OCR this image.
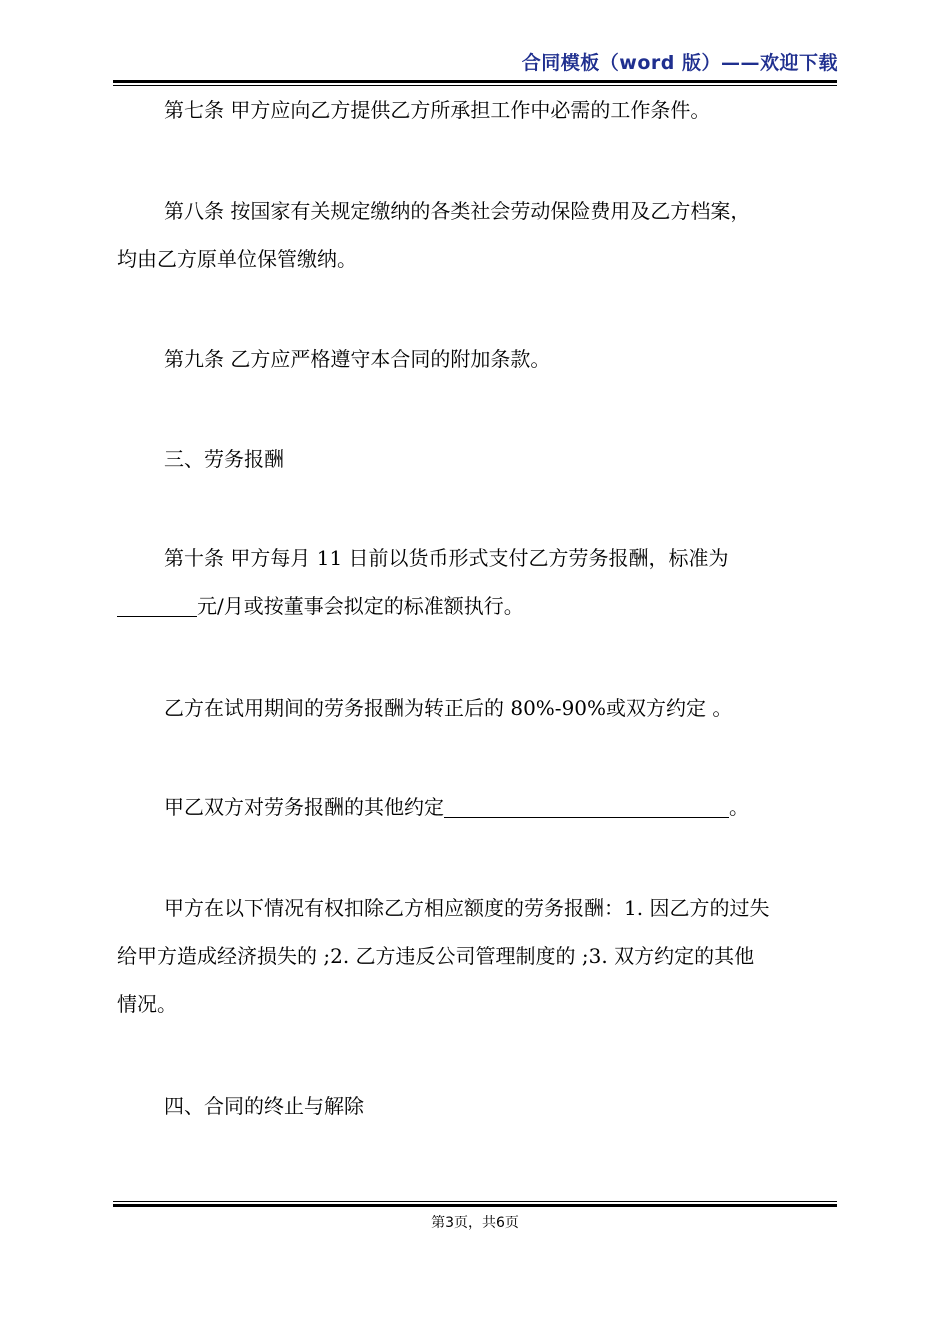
合同模板（word 版）——欢迎下载

第七条 甲方应向乙方提供乙方所承担工作中必需的工作条件。

第八条 按国家有关规定缴纳的各类社会劳动保险费用及乙方档案，
均由乙方原单位保管缴纳。

第九条 乙方应严格遵守本合同的附加条款。

三、劳务报酬

第十条 甲方每月 11 日前以货币形式支付乙方劳务报酬，标准为
元/月或按董事会拟定的标准额执行。

乙方在试用期间的劳务报酬为转正后的 80%-90%或双方约定 。

甲乙双方对劳务报酬的其他约定	。

甲方在以下情况有权扣除乙方相应额度的劳务报酬：1. 因乙方的过失
给甲方造成经济损失的 ;2. 乙方违反公司管理制度的 ;3. 双方约定的其他
情况。

四、合同的终止与解除

第3页，共6页
